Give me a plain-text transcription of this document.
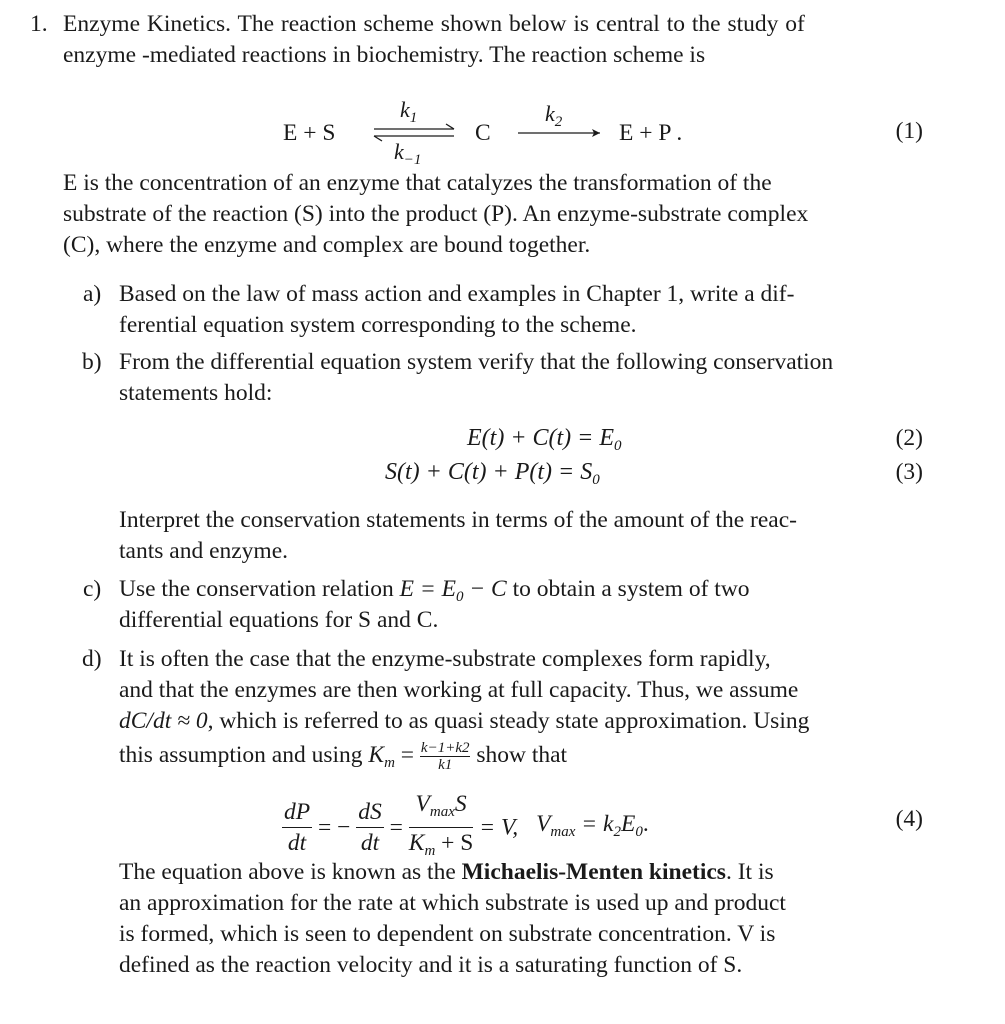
1. Enzyme Kinetics. The reaction scheme shown below is central to the study of
enzyme -mediated reactions in biochemistry. The reaction scheme is
E + S
$k_1$
$k_{-1}$
C
$k_2$ E + P .	(1)
E is the concentration of an enzyme that catalyzes the transformation of the
substrate of the reaction (S) into the product (P). An enzyme-substrate complex
(C), where the enzyme and complex are bound together.
a) Based on the law of mass action and examples in Chapter 1, write a dif-
ferential equation system corresponding to the scheme.
b) From the differential equation system verify that the following conservation
statements hold:
$E(t) + C(t) = E_0$	(2)
$S(t) + C(t) + P(t) = S_0$	(3)
Interpret the conservation statements in terms of the amount of the reac-
tants and enzyme.
c) Use the conservation relation $E = E_0 - C$ to obtain a system of two
differential equations for S and C.
d) It is often the case that the enzyme-substrate complexes form rapidly,
and that the enzymes are then working at full capacity. Thus, we assume
dC/dt ≈ 0, which is referred to as quasi steady state approximation. Using
this assumption and using $K_m = \frac{k-1+k2}{k1}$ show that
$\frac{dP}{dt}$ = − $\frac{dS}{dt} = \frac{V_{max}S}{K_m + S} = V$, $V_{max} = k_2E_0$.	(4)
The equation above is known as the Michaelis-Menten kinetics. It is
an approximation for the rate at which substrate is used up and product
is formed, which is seen to dependent on substrate concentration. V is
defined as the reaction velocity and it is a saturating function of S.
